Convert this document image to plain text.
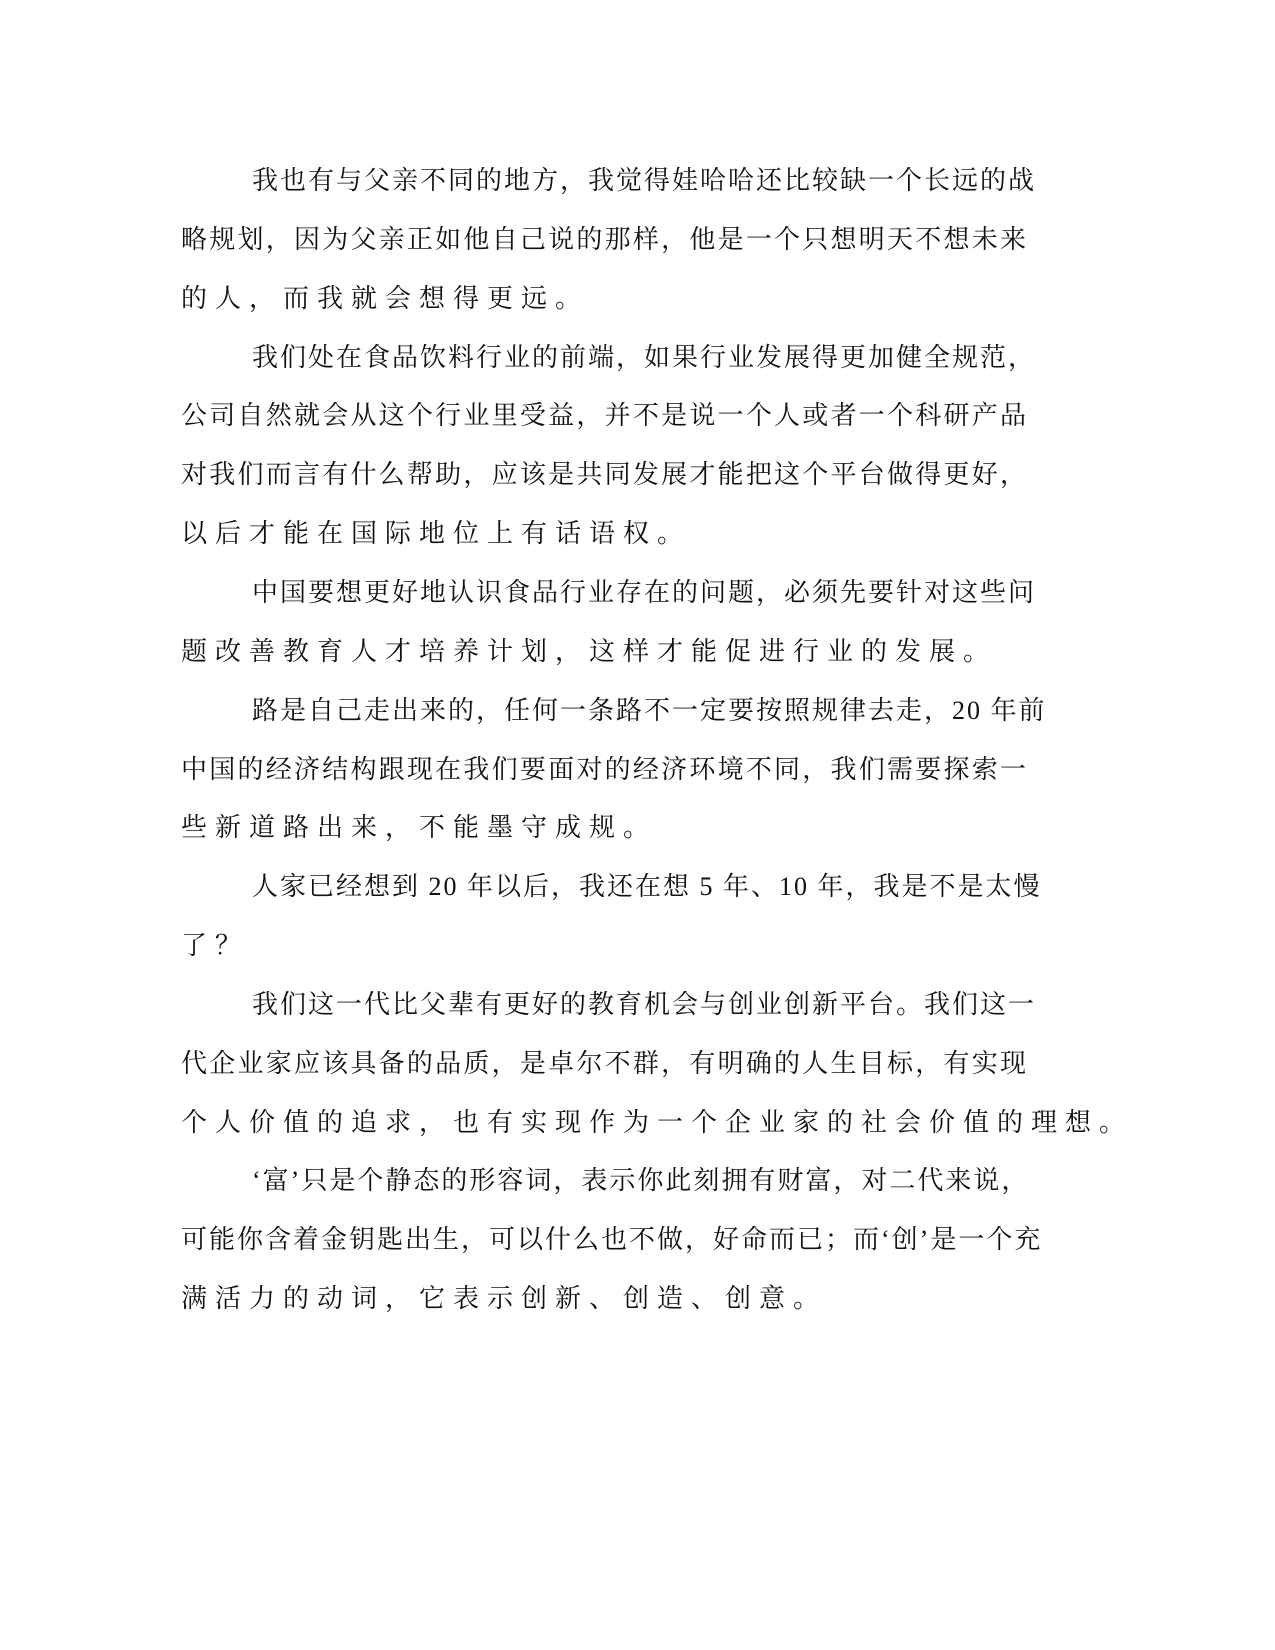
我也有与父亲不同的地方，我觉得娃哈哈还比较缺一个长远的战
略规划，因为父亲正如他自己说的那样，他是一个只想明天不想未来
的人，而我就会想得更远。
我们处在食品饮料行业的前端，如果行业发展得更加健全规范，
公司自然就会从这个行业里受益，并不是说一个人或者一个科研产品
对我们而言有什么帮助，应该是共同发展才能把这个平台做得更好，
以后才能在国际地位上有话语权。
中国要想更好地认识食品行业存在的问题，必须先要针对这些问
题改善教育人才培养计划，这样才能促进行业的发展。
路是自己走出来的，任何一条路不一定要按照规律去走，20 年前
中国的经济结构跟现在我们要面对的经济环境不同，我们需要探索一
些新道路出来，不能墨守成规。
人家已经想到 20 年以后，我还在想 5 年、10 年，我是不是太慢
了？
我们这一代比父辈有更好的教育机会与创业创新平台。我们这一
代企业家应该具备的品质，是卓尔不群，有明确的人生目标，有实现
个人价值的追求，也有实现作为一个企业家的社会价值的理想。
‘富’只是个静态的形容词，表示你此刻拥有财富，对二代来说，
可能你含着金钥匙出生，可以什么也不做，好命而已；而‘创’是一个充
满活力的动词，它表示创新、创造、创意。
